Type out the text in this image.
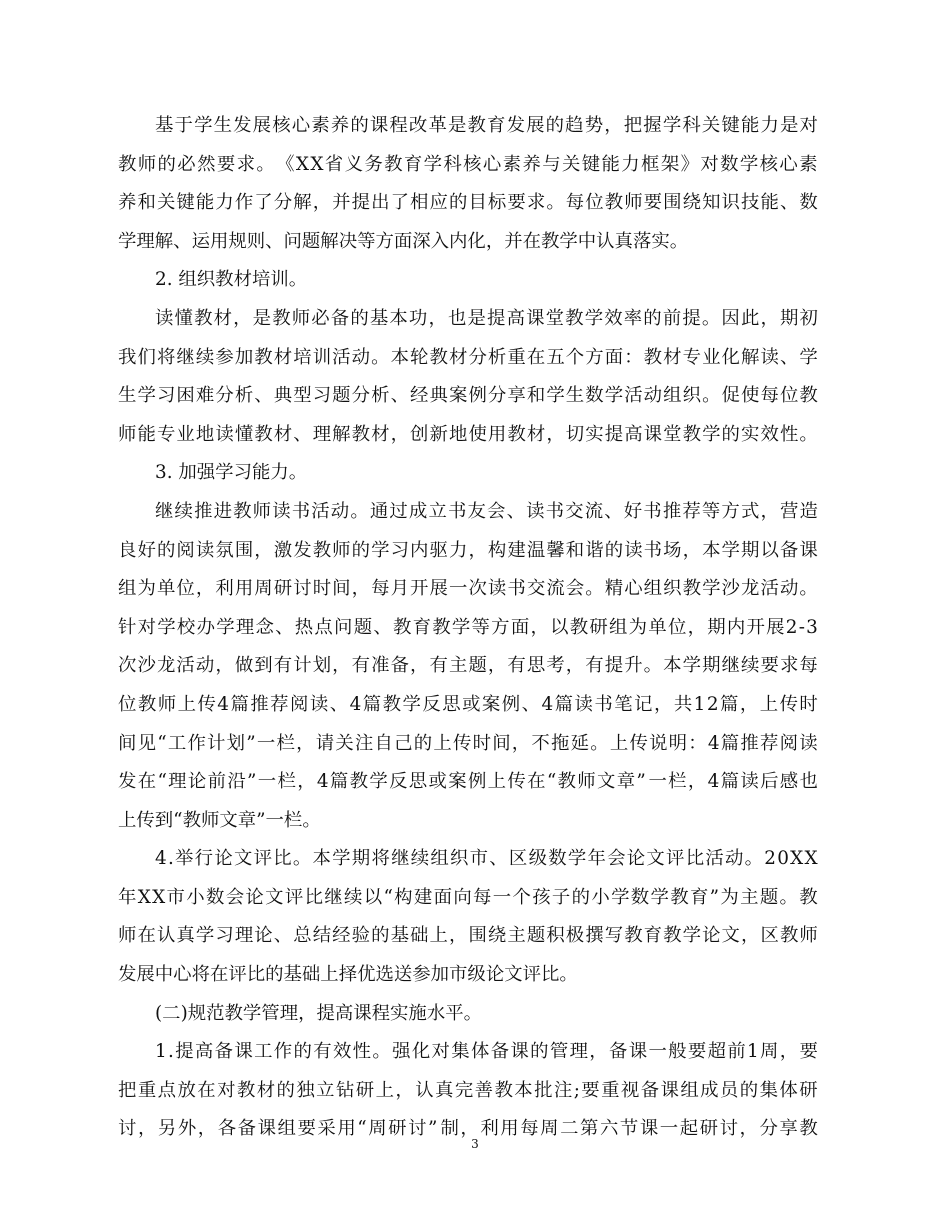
基 于 学 生 发 展 核 心 素 养 的 课 程 改 革 是 教 育 发 展 的 趋 势 ， 把 握 学 科 关 键 能 力 是 对
教 师 的 必 然 要 求 。 《 X X 省 义 务 教 育 学 科 核 心 素 养 与 关 键 能 力 框 架 》 对 数 学 核 心 素
养 和 关 键 能 力 作 了 分 解 ， 并 提 出 了 相 应 的 目 标 要 求 。 每 位 教 师 要 围 绕 知 识 技 能 、 数
学理解、运用规则、问题解决等方面深入内化，并在教学中认真落实。
2. 组织教材培训。
读 懂 教 材 ， 是 教 师 必 备 的 基 本 功 ， 也 是 提 高 课 堂 教 学 效 率 的 前 提 。 因 此 ， 期 初
我 们 将 继 续 参 加 教 材 培 训 活 动 。 本 轮 教 材 分 析 重 在 五 个 方 面 ： 教 材 专 业 化 解 读 、 学
生 学 习 困 难 分 析 、 典 型 习 题 分 析 、 经 典 案 例 分 享 和 学 生 数 学 活 动 组 织 。 促 使 每 位 教
师 能 专 业 地 读 懂 教 材 、 理 解 教 材 ， 创 新 地 使 用 教 材 ， 切 实 提 高 课 堂 教 学 的 实 效 性 。
3. 加强学习能力。
继 续 推 进 教 师 读 书 活 动 。 通 过 成 立 书 友 会 、 读 书 交 流 、 好 书 推 荐 等 方 式 ， 营 造
良 好 的 阅 读 氛 围 ， 激 发 教 师 的 学 习 内 驱 力 ， 构 建 温 馨 和 谐 的 读 书 场 ， 本 学 期 以 备 课
组 为 单 位 ， 利 用 周 研 讨 时 间 ， 每 月 开 展 一 次 读 书 交 流 会 。 精 心 组 织 教 学 沙 龙 活 动 。
针 对 学 校 办 学 理 念 、 热 点 问 题 、 教 育 教 学 等 方 面 ， 以 教 研 组 为 单 位 ， 期 内 开 展 2 - 3
次 沙 龙 活 动 ， 做 到 有 计 划 ， 有 准 备 ， 有 主 题 ， 有 思 考 ， 有 提 升 。 本 学 期 继 续 要 求 每
位 教 师 上 传 4 篇 推 荐 阅 读 、 4 篇 教 学 反 思 或 案 例 、 4 篇 读 书 笔 记 ， 共 1 2 篇 ， 上 传 时
间 见 “ 工 作 计 划 ” 一 栏 ， 请 关 注 自 己 的 上 传 时 间 ， 不 拖 延 。 上 传 说 明 ： 4 篇 推 荐 阅 读
发 在 “ 理 论 前 沿 ” 一 栏 ， 4 篇 教 学 反 思 或 案 例 上 传 在 “ 教 师 文 章 ” 一 栏 ， 4 篇 读 后 感 也
上传到“教师文章”一栏。
4 . 举 行 论 文 评 比 。 本 学 期 将 继 续 组 织 市 、 区 级 数 学 年 会 论 文 评 比 活 动 。 2 0 X X
年 X X 市 小 数 会 论 文 评 比 继 续 以 “ 构 建 面 向 每 一 个 孩 子 的 小 学 数 学 教 育 ” 为 主 题 。 教
师 在 认 真 学 习 理 论 、 总 结 经 验 的 基 础 上 ， 围 绕 主 题 积 极 撰 写 教 育 教 学 论 文 ， 区 教 师
发展中心将在评比的基础上择优选送参加市级论文评比。
(二)规范教学管理，提高课程实施水平。
1 . 提 高 备 课 工 作 的 有 效 性 。 强 化 对 集 体 备 课 的 管 理 ， 备 课 一 般 要 超 前 1 周 ， 要
把 重 点 放 在 对 教 材 的 独 立 钻 研 上 ， 认 真 完 善 教 本 批 注 ; 要 重 视 备 课 组 成 员 的 集 体 研
讨 ， 另 外 ， 各 备 课 组 要 采 用 “ 周 研 讨 ” 制 ， 利 用 每 周 二 第 六 节 课 一 起 研 讨 ， 分 享 教
3
